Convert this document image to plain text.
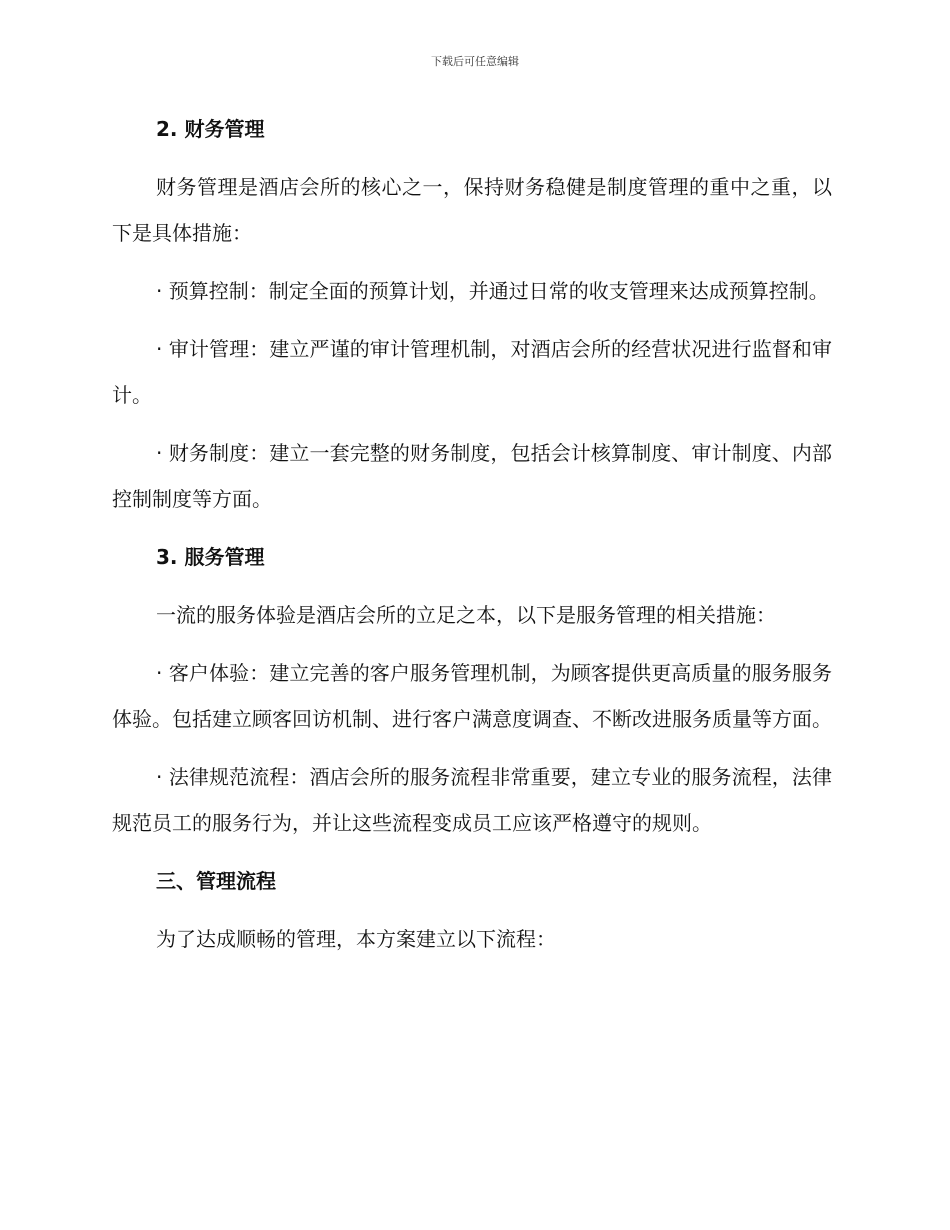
下载后可任意编辑
2. 财务管理
财务管理是酒店会所的核心之一，保持财务稳健是制度管理的重中之重，以下是具体措施：
· 预算控制：制定全面的预算计划，并通过日常的收支管理来达成预算控制。
· 审计管理：建立严谨的审计管理机制，对酒店会所的经营状况进行监督和审计。
· 财务制度：建立一套完整的财务制度，包括会计核算制度、审计制度、内部控制制度等方面。
3. 服务管理
一流的服务体验是酒店会所的立足之本，以下是服务管理的相关措施：
· 客户体验：建立完善的客户服务管理机制，为顾客提供更高质量的服务服务体验。包括建立顾客回访机制、进行客户满意度调查、不断改进服务质量等方面。
· 法律规范流程：酒店会所的服务流程非常重要，建立专业的服务流程，法律规范员工的服务行为，并让这些流程变成员工应该严格遵守的规则。
三、管理流程
为了达成顺畅的管理，本方案建立以下流程：
